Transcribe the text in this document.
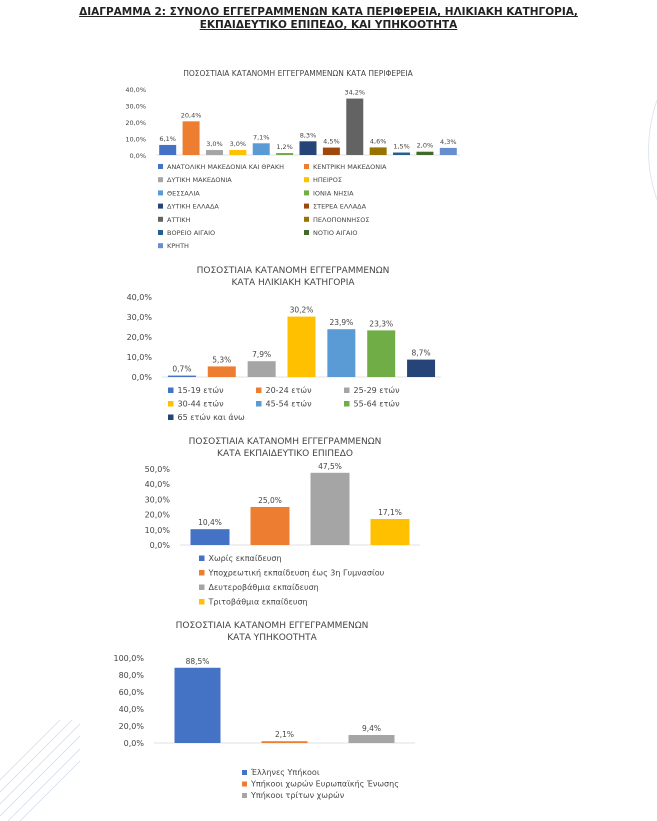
ΔΙΑΓΡΑΜΜΑ 2: ΣΥΝΟΛΟ ΕΓΓΕΓΡΑΜΜΕΝΩΝ ΚΑΤΑ ΠΕΡΙΦΕΡΕΙΑ, ΗΛΙΚΙΑΚΗ ΚΑΤΗΓΟΡΙΑ,
ΕΚΠΑΙΔΕΥΤΙΚΟ ΕΠΙΠΕΔΟ, ΚΑΙ ΥΠΗΚΟΟΤΗΤΑ
ΠΟΣΟΣΤΙΑΙΑ ΚΑΤΑΝΟΜΗ ΕΓΓΕΓΡΑΜΜΕΝΩΝ ΚΑΤΑ ΠΕΡΙΦΕΡΕΙΑ
0,0%
10,0%
20,0%
30,0%
40,0%
6,1%
20,4%
3,0% 3,0%
7,1%
1,2%
8,3%
4,5%
34,2%
4,6%
1,5% 2,0% 4,3%
ΑΝΑΤΟΛΙΚΗ ΜΑΚΕΔΟΝΙΑ ΚΑΙ ΘΡΑΚΗ	ΚΕΝΤΡΙΚΗ ΜΑΚΕΔΟΝΙΑ
ΔΥΤΙΚΗ ΜΑΚΕΔΟΝΙΑ	ΗΠΕΙΡΟΣ
ΘΕΣΣΑΛΙΑ	ΙΟΝΙΑ ΝΗΣΙΑ
ΔΥΤΙΚΗ ΕΛΛΑΔΑ	ΣΤΕΡΕΑ ΕΛΛΑΔΑ
ΑΤΤΙΚΗ	ΠΕΛΟΠΟΝΝΗΣΟΣ
ΒΟΡΕΙΟ ΑΙΓΑΙΟ	ΝΟΤΙΟ ΑΙΓΑΙΟ
ΚΡΗΤΗ
ΠΟΣΟΣΤΙΑΙΑ ΚΑΤΑΝΟΜΗ ΕΓΓΕΓΡΑΜΜΕΝΩΝ
ΚΑΤΑ ΗΛΙΚΙΑΚΗ ΚΑΤΗΓΟΡΙΑ
0,0%
10,0%
20,0%
30,0%
40,0%
0,7%
5,3%
7,9%
30,2%
23,9% 23,3%
8,7%
15-19 ετών	20-24 ετών	25-29 ετών
30-44 ετών	45-54 ετών	55-64 ετών
65 ετών και άνω
ΠΟΣΟΣΤΙΑΙΑ ΚΑΤΑΝΟΜΗ ΕΓΓΕΓΡΑΜΜΕΝΩΝ
ΚΑΤΑ ΕΚΠΑΙΔΕΥΤΙΚΟ ΕΠΙΠΕΔΟ
0,0%
10,0%
20,0%
30,0%
40,0%
50,0%
10,4%
25,0%
47,5%
17,1%
Χωρίς εκπαίδευση
Υποχρεωτική εκπαίδευση έως 3η Γυμνασίου
Δευτεροβάθμια εκπαίδευση
Τριτοβάθμια εκπαίδευση
ΠΟΣΟΣΤΙΑΙΑ ΚΑΤΑΝΟΜΗ ΕΓΓΕΓΡΑΜΜΕΝΩΝ
ΚΑΤΑ ΥΠΗΚΟΟΤΗΤΑ
0,0%
20,0%
40,0%
60,0%
80,0%
100,0%	88,5%
2,1%
9,4%
Έλληνες Υπήκοοι
Υπήκοοι χωρών Ευρωπαϊκής Ένωσης
Υπήκοοι τρίτων χωρών
